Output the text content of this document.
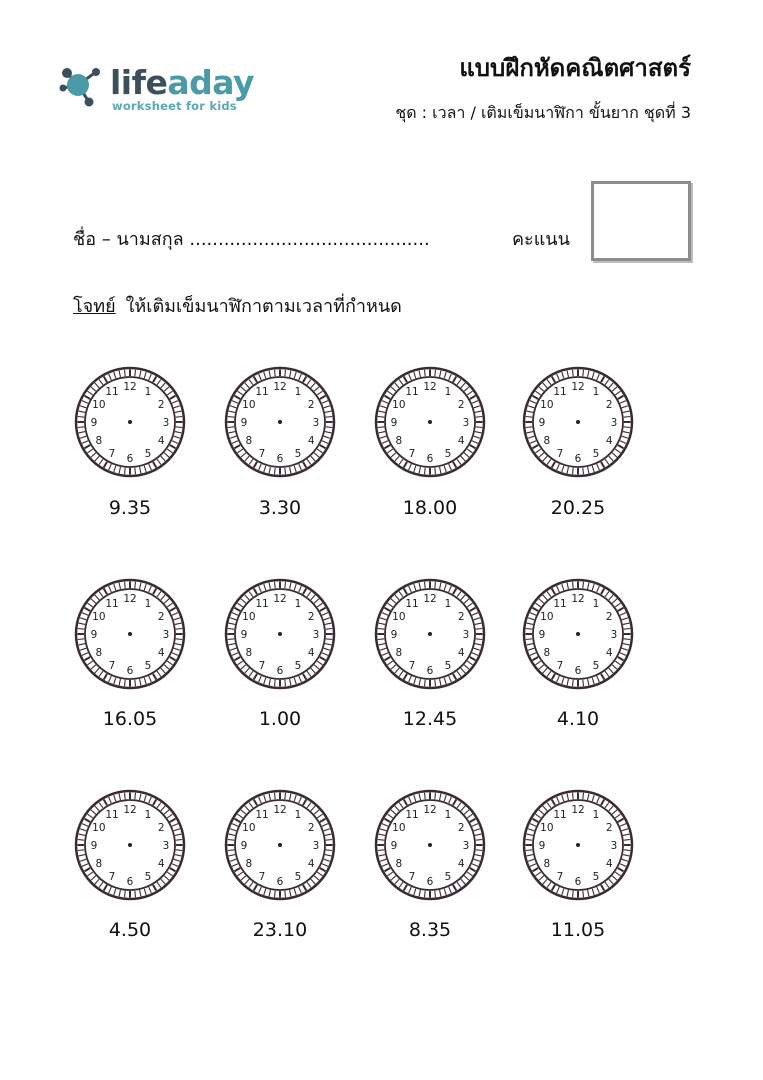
lifeaday
worksheet for kids
แบบฝึกหัดคณิตศาสตร์
ชุด : เวลา / เติมเข็มนาฬิกา ขั้นยาก ชุดที่ 3
ชื่อ – นามสกุล ..........................................	คะแนน
โจทย์ ให้เติมเข็มนาฬิกาตามเวลาที่กำหนด
12 1
2
3
4
5
6
7
8
9
10
11
9.35
12 1
2
3
4
5
6
7
8
9
10
11
3.30
12 1
2
3
4
5
6
7
8
9
10
11
18.00
12 1
2
3
4
5
6
7
8
9
10
11
20.25
12 1
2
3
4
5
6
7
8
9
10
11
16.05
12 1
2
3
4
5
6
7
8
9
10
11
1.00
12 1
2
3
4
5
6
7
8
9
10
11
12.45
12 1
2
3
4
5
6
7
8
9
10
11
4.10
12 1
2
3
4
5
6
7
8
9
10
11
4.50
12 1
2
3
4
5
6
7
8
9
10
11
23.10
12 1
2
3
4
5
6
7
8
9
10
11
8.35
12 1
2
3
4
5
6
7
8
9
10
11
11.05
